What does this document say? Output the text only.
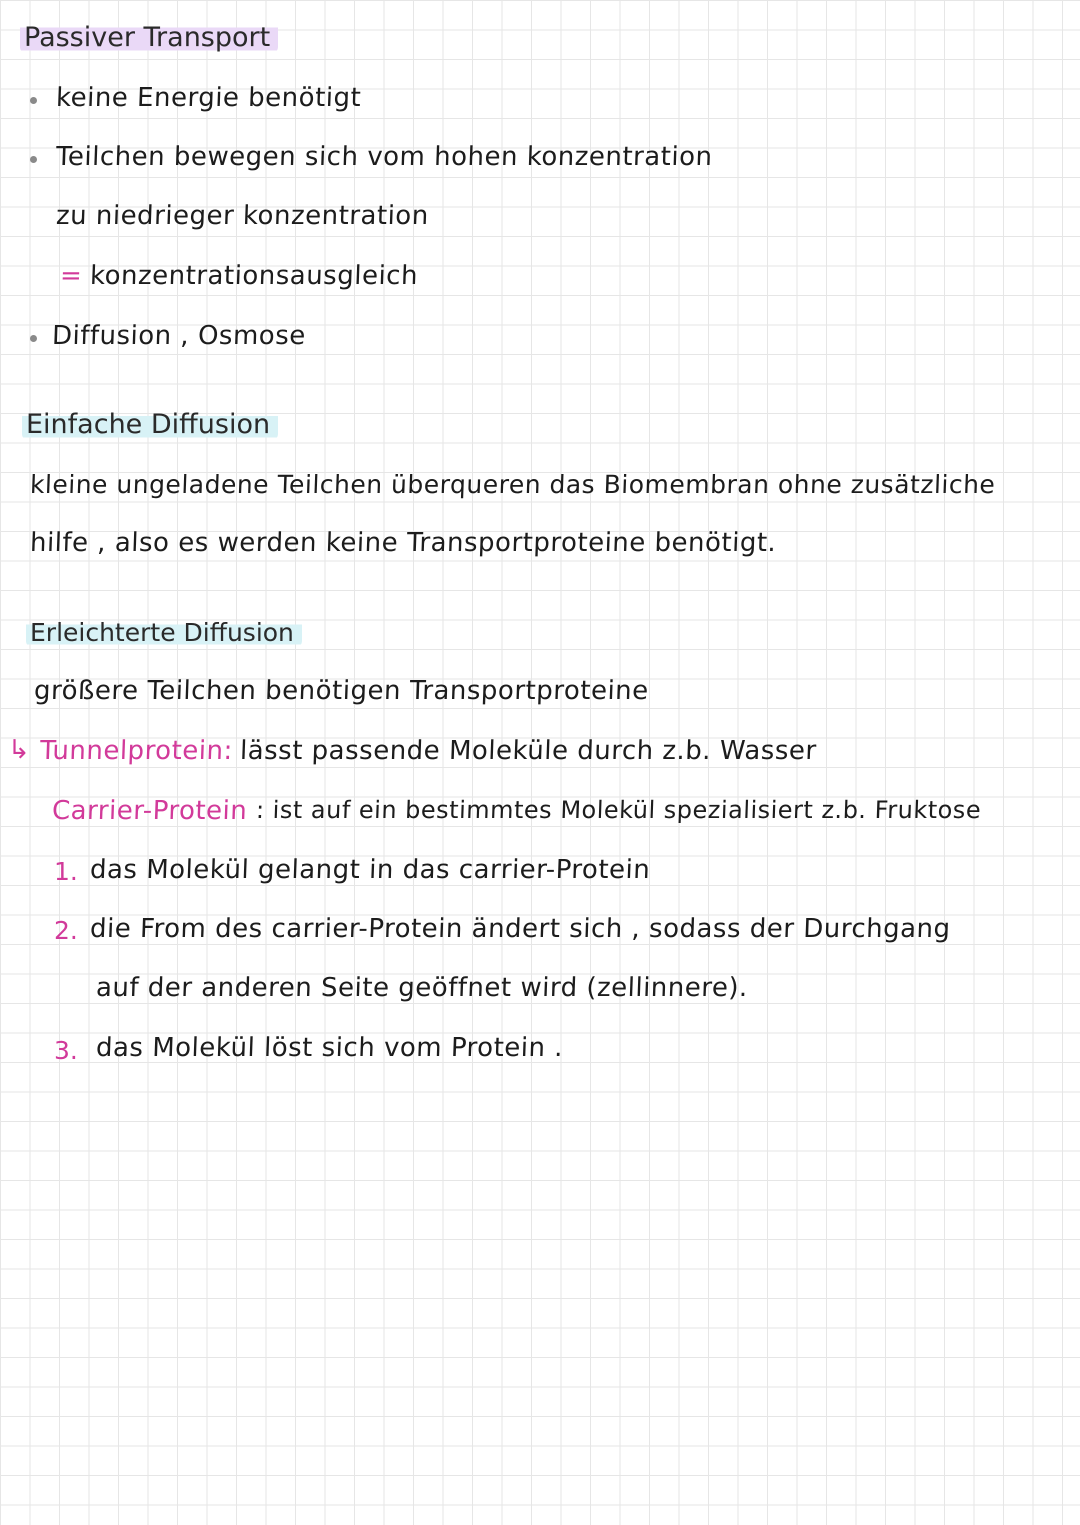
Passiver Transport
keine Energie benötigt
Teilchen bewegen sich vom hohen konzentration
zu niedrieger konzentration
= konzentrationsausgleich
Diffusion , Osmose
Einfache Diffusion
kleine ungeladene Teilchen überqueren das Biomembran ohne zusätzliche
hilfe , also es werden keine Transportproteine benötigt.
Erleichterte Diffusion
größere Teilchen benötigen Transportproteine
↳ Tunnelprotein: lässt passende Moleküle durch z.b. Wasser
Carrier-Protein : ist auf ein bestimmtes Molekül spezialisiert z.b. Fruktose
1. das Molekül gelangt in das carrier-Protein
2. die From des carrier-Protein ändert sich , sodass der Durchgang
auf der anderen Seite geöffnet wird (zellinnere).
3. das Molekül löst sich vom Protein .
